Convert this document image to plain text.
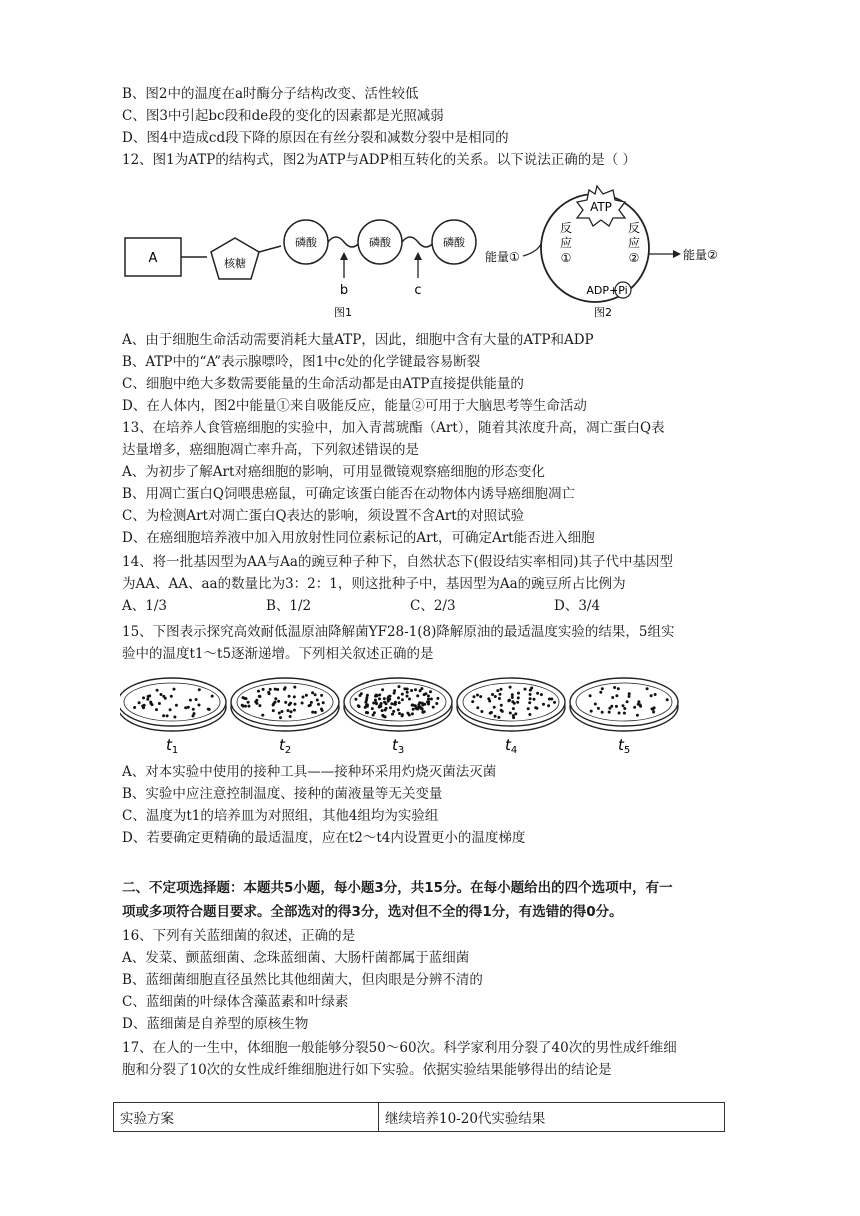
B、图2中的温度在a时酶分子结构改变、活性较低
C、图3中引起bc段和de段的变化的因素都是光照减弱
D、图4中造成cd段下降的原因在有丝分裂和减数分裂中是相同的
12、图1为ATP的结构式，图2为ATP与ADP相互转化的关系。以下说法正确的是（ ）
A	核糖
磷酸	磷酸	磷酸
b	c
图1
ATP
ADP+Pi
能量①	能量②
反
应
①
反
应
②
图2
A、由于细胞生命活动需要消耗大量ATP，因此，细胞中含有大量的ATP和ADP
B、ATP中的“A”表示腺嘌呤，图1中c处的化学键最容易断裂
C、细胞中绝大多数需要能量的生命活动都是由ATP直接提供能量的
D、在人体内，图2中能量①来自吸能反应，能量②可用于大脑思考等生命活动
13、在培养人食管癌细胞的实验中，加入青蒿琥酯（Art），随着其浓度升高，凋亡蛋白Q表
达量增多，癌细胞凋亡率升高，下列叙述错误的是
A、为初步了解Art对癌细胞的影响，可用显微镜观察癌细胞的形态变化
B、用凋亡蛋白Q饲喂患癌鼠，可确定该蛋白能否在动物体内诱导癌细胞凋亡
C、为检测Art对凋亡蛋白Q表达的影响，须设置不含Art的对照试验
D、在癌细胞培养液中加入用放射性同位素标记的Art，可确定Art能否进入细胞
14、将一批基因型为AA与Aa的豌豆种子种下，自然状态下(假设结实率相同)其子代中基因型
为AA、AA、aa的数量比为3：2：1，则这批种子中，基因型为Aa的豌豆所占比例为
A、1/3	B、1/2	C、2/3	D、3/4
15、下图表示探究高效耐低温原油降解菌YF28-1(8)降解原油的最适温度实验的结果，5组实
验中的温度t1～t5逐渐递增。下列相关叙述正确的是
$t_1$	$t_2$	$t_3$	$t_4$	$t_5$
A、对本实验中使用的接种工具——接种环采用灼烧灭菌法灭菌
B、实验中应注意控制温度、接种的菌液量等无关变量
C、温度为t1的培养皿为对照组，其他4组均为实验组
D、若要确定更精确的最适温度，应在t2～t4内设置更小的温度梯度
二、不定项选择题：本题共5小题，每小题3分，共15分。在每小题给出的四个选项中，有一
项或多项符合题目要求。全部选对的得3分，选对但不全的得1分，有选错的得0分。
16、下列有关蓝细菌的叙述，正确的是
A、发菜、颤蓝细菌、念珠蓝细菌、大肠杆菌都属于蓝细菌
B、蓝细菌细胞直径虽然比其他细菌大，但肉眼是分辨不清的
C、蓝细菌的叶绿体含藻蓝素和叶绿素
D、蓝细菌是自养型的原核生物
17、在人的一生中，体细胞一般能够分裂50～60次。科学家利用分裂了40次的男性成纤维细
胞和分裂了10次的女性成纤维细胞进行如下实验。依据实验结果能够得出的结论是
实验方案	继续培养10-20代实验结果
